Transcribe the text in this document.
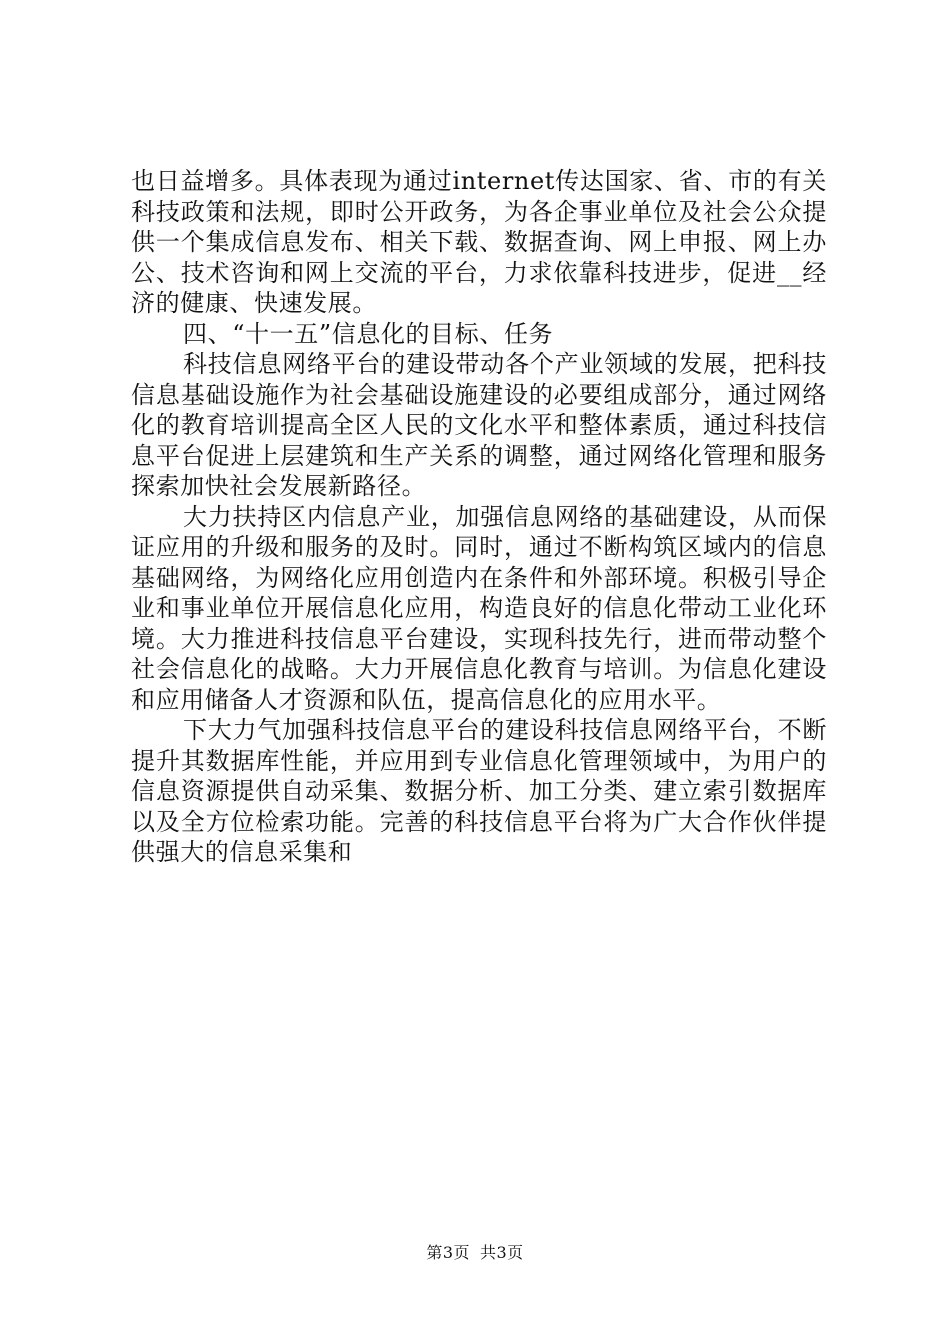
也日益增多。具体表现为通过internet传达国家、省、市的有关科技政策和法规，即时公开政务，为各企事业单位及社会公众提供一个集成信息发布、相关下载、数据查询、网上申报、网上办公、技术咨询和网上交流的平台，力求依靠科技进步，促进__经济的健康、快速发展。

四、“十一五”信息化的目标、任务

科技信息网络平台的建设带动各个产业领域的发展，把科技信息基础设施作为社会基础设施建设的必要组成部分，通过网络化的教育培训提高全区人民的文化水平和整体素质，通过科技信息平台促进上层建筑和生产关系的调整，通过网络化管理和服务探索加快社会发展新路径。

大力扶持区内信息产业，加强信息网络的基础建设，从而保证应用的升级和服务的及时。同时，通过不断构筑区域内的信息基础网络，为网络化应用创造内在条件和外部环境。积极引导企业和事业单位开展信息化应用，构造良好的信息化带动工业化环境。大力推进科技信息平台建设，实现科技先行，进而带动整个社会信息化的战略。大力开展信息化教育与培训。为信息化建设和应用储备人才资源和队伍，提高信息化的应用水平。

下大力气加强科技信息平台的建设科技信息网络平台，不断提升其数据库性能，并应用到专业信息化管理领域中，为用户的信息资源提供自动采集、数据分析、加工分类、建立索引数据库以及全方位检索功能。完善的科技信息平台将为广大合作伙伴提供强大的信息采集和

第3页 共3页
